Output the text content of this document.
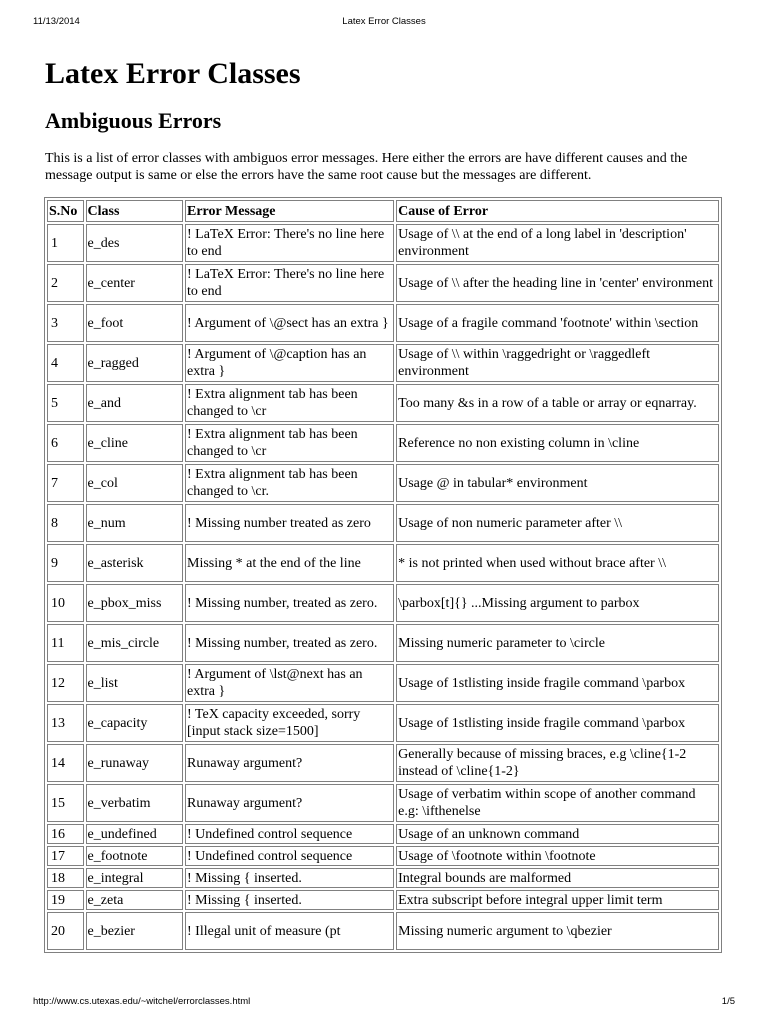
11/13/2014	Latex Error Classes
Latex Error Classes
Ambiguous Errors

This is a list of error classes with ambiguos error messages. Here either the errors are have different causes and the message output is same or else the errors have the same root cause but the messages are different.

S.No	Class	Error Message	Cause of Error
1	e_des	! LaTeX Error: There's no line here to end	Usage of \\ at the end of a long label in 'description' environment
2	e_center	! LaTeX Error: There's no line here to end	Usage of \\ after the heading line in 'center' environment
3	e_foot	! Argument of \@sect has an extra }	Usage of a fragile command 'footnote' within \section
4	e_ragged	! Argument of \@caption has an extra }	Usage of \\ within \raggedright or \raggedleft environment
5	e_and	! Extra alignment tab has been changed to \cr	Too many &s in a row of a table or array or eqnarray.
6	e_cline	! Extra alignment tab has been changed to \cr	Reference no non existing column in \cline
7	e_col	! Extra alignment tab has been changed to \cr.	Usage @ in tabular* environment
8	e_num	! Missing number treated as zero	Usage of non numeric parameter after \\
9	e_asterisk	Missing * at the end of the line	* is not printed when used without brace after \\
10	e_pbox_miss	! Missing number, treated as zero.	\parbox[t]{} ...Missing argument to parbox
11	e_mis_circle	! Missing number, treated as zero.	Missing numeric parameter to \circle
12	e_list	! Argument of \lst@next has an extra }	Usage of 1stlisting inside fragile command \parbox
13	e_capacity	! TeX capacity exceeded, sorry [input stack size=1500]	Usage of 1stlisting inside fragile command \parbox
14	e_runaway	Runaway argument?	Generally because of missing braces, e.g \cline{1-2 instead of \cline{1-2}
15	e_verbatim	Runaway argument?	Usage of verbatim within scope of another command e.g: \ifthenelse
16	e_undefined	! Undefined control sequence	Usage of an unknown command
17	e_footnote	! Undefined control sequence	Usage of \footnote within \footnote
18	e_integral	! Missing { inserted.	Integral bounds are malformed
19	e_zeta	! Missing { inserted.	Extra subscript before integral upper limit term
20	e_bezier	! Illegal unit of measure (pt	Missing numeric argument to \qbezier
http://www.cs.utexas.edu/~witchel/errorclasses.html	1/5
